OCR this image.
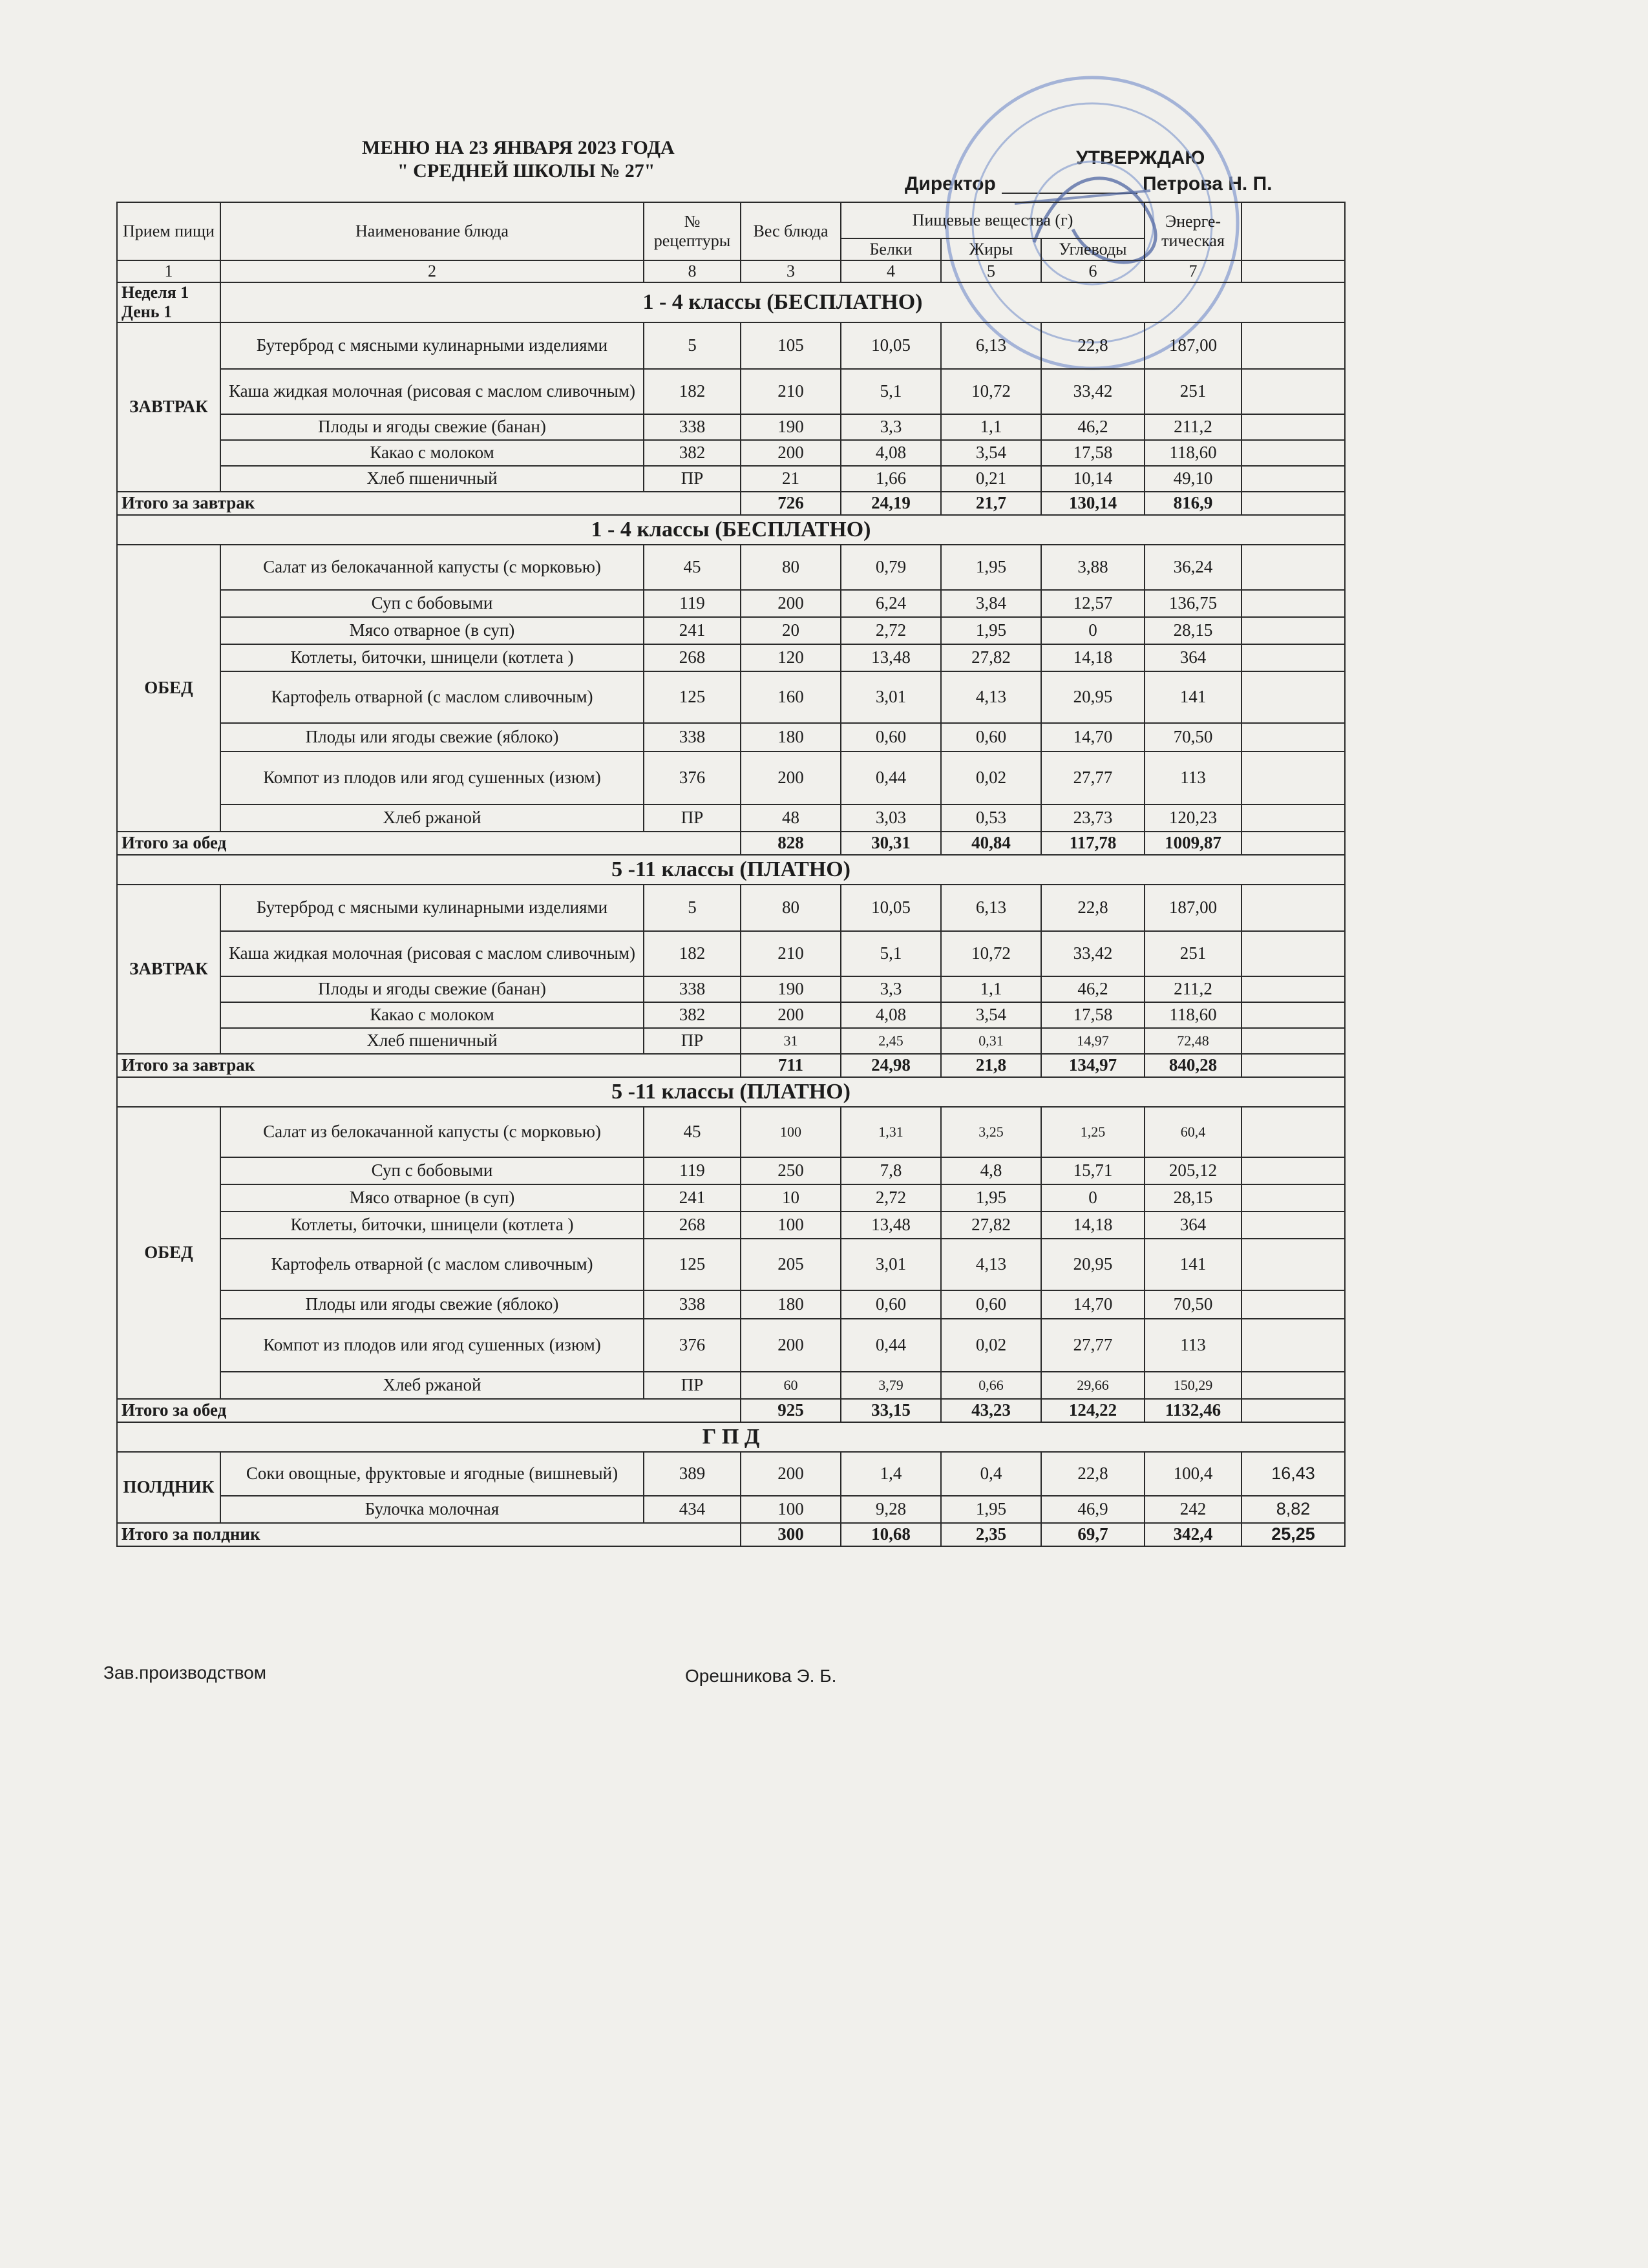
МЕНЮ НА 23 ЯНВАРЯ 2023 ГОДА
" СРЕДНЕЙ ШКОЛЫ № 27"
УТВЕРЖДАЮ
Директор	Петрова Н. П.
Прием пищи	Наименование блюда	№ рецептуры	Вес блюда	Пищевые вещества (г)			Энерге-тическая	
				Белки	Жиры	Углеводы		
1	2	8	3	4	5	6	7	

Неделя 1
День 1	1 - 4 классы (БЕСПЛАТНО)							
ЗАВТРАК	Бутерброд с мясными кулинарными изделиями	5	105	10,05	6,13	22,8	187,00	
	Каша жидкая молочная (рисовая с маслом сливочным)	182	210	5,1	10,72	33,42	251	
	Плоды и ягоды свежие (банан)	338	190	3,3	1,1	46,2	211,2	
	Какао с молоком	382	200	4,08	3,54	17,58	118,60	
	Хлеб пшеничный	ПР	21	1,66	0,21	10,14	49,10	
Итого за завтрак			726	24,19	21,7	130,14	816,9	
1 - 4 классы (БЕСПЛАТНО)								
ОБЕД	Салат из белокачанной капусты (с морковью)	45	80	0,79	1,95	3,88	36,24	
	Суп с бобовыми	119	200	6,24	3,84	12,57	136,75	
	Мясо отварное (в суп)	241	20	2,72	1,95	0	28,15	
	Котлеты, биточки, шницели (котлета )	268	120	13,48	27,82	14,18	364	
	Картофель отварной (с маслом сливочным)	125	160	3,01	4,13	20,95	141	
	Плоды или ягоды свежие (яблоко)	338	180	0,60	0,60	14,70	70,50	
	Компот из плодов или ягод сушенных (изюм)	376	200	0,44	0,02	27,77	113	
	Хлеб ржаной	ПР	48	3,03	0,53	23,73	120,23	
Итого за обед			828	30,31	40,84	117,78	1009,87	
5 -11 классы (ПЛАТНО)								
ЗАВТРАК	Бутерброд с мясными кулинарными изделиями	5	80	10,05	6,13	22,8	187,00	
	Каша жидкая молочная (рисовая с маслом сливочным)	182	210	5,1	10,72	33,42	251	
	Плоды и ягоды свежие (банан)	338	190	3,3	1,1	46,2	211,2	
	Какао с молоком	382	200	4,08	3,54	17,58	118,60	
	Хлеб пшеничный	ПР	31	2,45	0,31	14,97	72,48	
Итого за завтрак			711	24,98	21,8	134,97	840,28	
5 -11 классы (ПЛАТНО)								
ОБЕД	Салат из белокачанной капусты (с морковью)	45	100	1,31	3,25	1,25	60,4	
	Суп с бобовыми	119	250	7,8	4,8	15,71	205,12	
	Мясо отварное (в суп)	241	10	2,72	1,95	0	28,15	
	Котлеты, биточки, шницели (котлета )	268	100	13,48	27,82	14,18	364	
	Картофель отварной (с маслом сливочным)	125	205	3,01	4,13	20,95	141	
	Плоды или ягоды свежие (яблоко)	338	180	0,60	0,60	14,70	70,50	
	Компот из плодов или ягод сушенных (изюм)	376	200	0,44	0,02	27,77	113	
	Хлеб ржаной	ПР	60	3,79	0,66	29,66	150,29	
Итого за обед			925	33,15	43,23	124,22	1132,46	
Г П Д								
ПОЛДНИК	Соки овощные, фруктовые и ягодные (вишневый)	389	200	1,4	0,4	22,8	100,4	16,43
	Булочка молочная	434	100	9,28	1,95	46,9	242	8,82
Итого за полдник			300	10,68	2,35	69,7	342,4	25,25
Зав.производством	Орешникова Э. Б.
